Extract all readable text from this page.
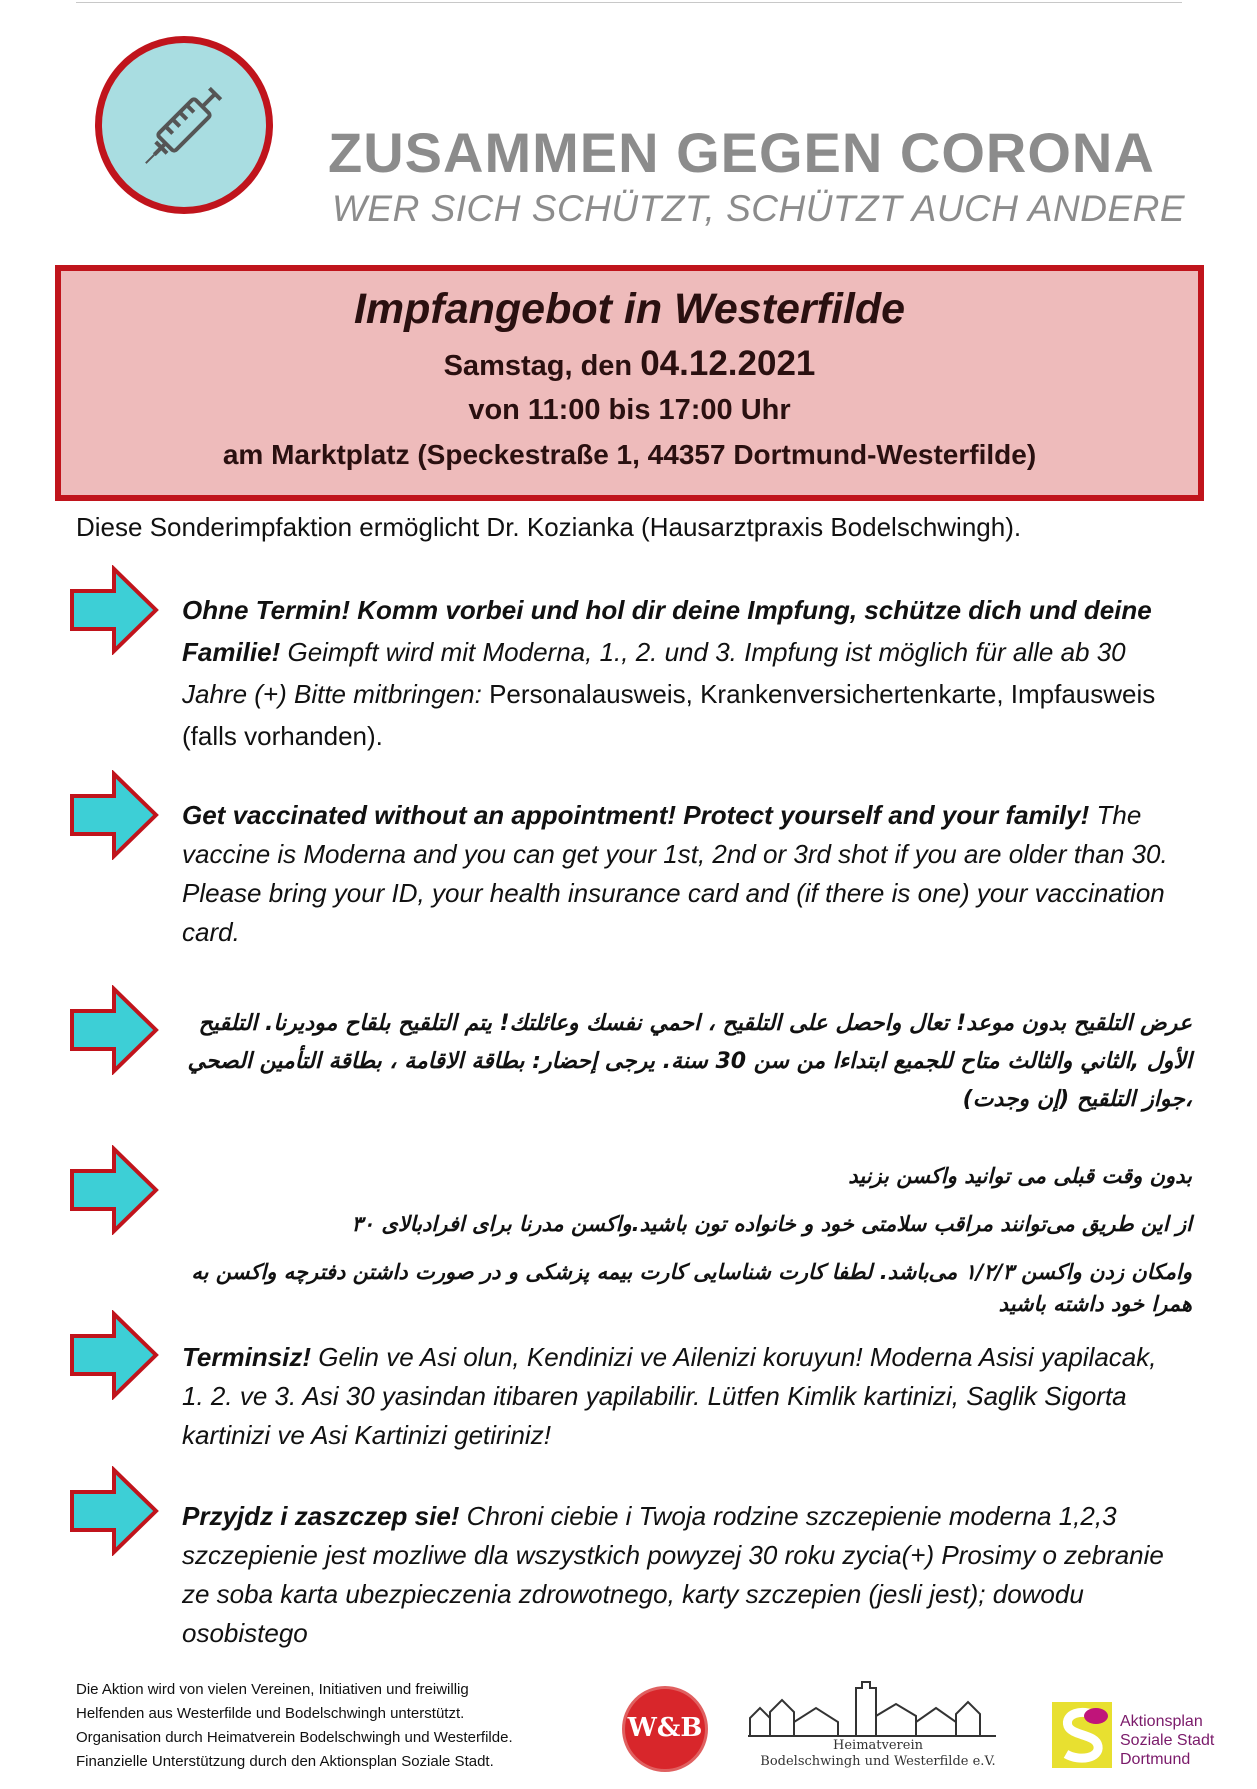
ZUSAMMEN GEGEN CORONA
WER SICH SCHÜTZT, SCHÜTZT AUCH ANDERE
Impfangebot in Westerfilde
Samstag, den 04.12.2021
von 11:00 bis 17:00 Uhr
am Marktplatz (Speckestraße 1, 44357 Dortmund-Westerfilde)
Diese Sonderimpfaktion ermöglicht Dr. Kozianka (Hausarztpraxis Bodelschwingh).
Ohne Termin! Komm vorbei und hol dir deine Impfung, schütze dich und deine Familie! Geimpft wird mit Moderna, 1., 2. und 3. Impfung ist möglich für alle ab 30 Jahre (+) Bitte mitbringen: Personalausweis, Krankenversichertenkarte, Impfausweis (falls vorhanden).
Get vaccinated without an appointment! Protect yourself and your family! The vaccine is Moderna and you can get your 1st, 2nd or 3rd shot if you are older than 30. Please bring your ID, your health insurance card and (if there is one) your vaccination card.
عرض التلقيح بدون موعد! تعال واحصل على التلقيح ، احمي نفسك وعائلتك! يتم التلقيح بلقاح موديرنا. التلقيح الأول ,الثاني والثالث متاح للجميع ابتداءا من سن 30 سنة. يرجى إحضار: بطاقة الاقامة ، بطاقة التأمين الصحي ،جواز التلقيح (إن وجدت)
بدون وقت قبلی می توانید واکسن بزنید
از این طریق می‌توانند مراقب سلامتی خود و خانواده تون باشید.واکسن مدرنا برای افرادبالای ۳۰
وامکان زدن واکسن ۱/۲/۳ می‌باشد. لطفا کارت شناسایی کارت بیمه پزشکی و در صورت داشتن دفترچه واکسن به همرا خود داشته باشید
Terminsiz! Gelin ve Asi olun, Kendinizi ve Ailenizi koruyun! Moderna Asisi yapilacak, 1. 2. ve 3. Asi 30 yasindan itibaren yapilabilir. Lütfen Kimlik kartinizi, Saglik Sigorta kartinizi ve Asi Kartinizi getiriniz!
Przyjdz i zaszczep sie! Chroni ciebie i Twoja rodzine szczepienie moderna 1,2,3 szczepienie jest mozliwe dla wszystkich powyzej 30 roku zycia(+) Prosimy o zebranie ze soba karta ubezpieczenia zdrowotnego, karty szczepien (jesli jest); dowodu osobistego
Die Aktion wird von vielen Vereinen, Initiativen und freiwillig
Helfenden aus Westerfilde und Bodelschwingh unterstützt.
Organisation durch Heimatverein Bodelschwingh und Westerfilde.
Finanzielle Unterstützung durch den Aktionsplan Soziale Stadt.
W&B
Heimatverein
Bodelschwingh und Westerfilde e.V.
Aktionsplan
Soziale Stadt
Dortmund
